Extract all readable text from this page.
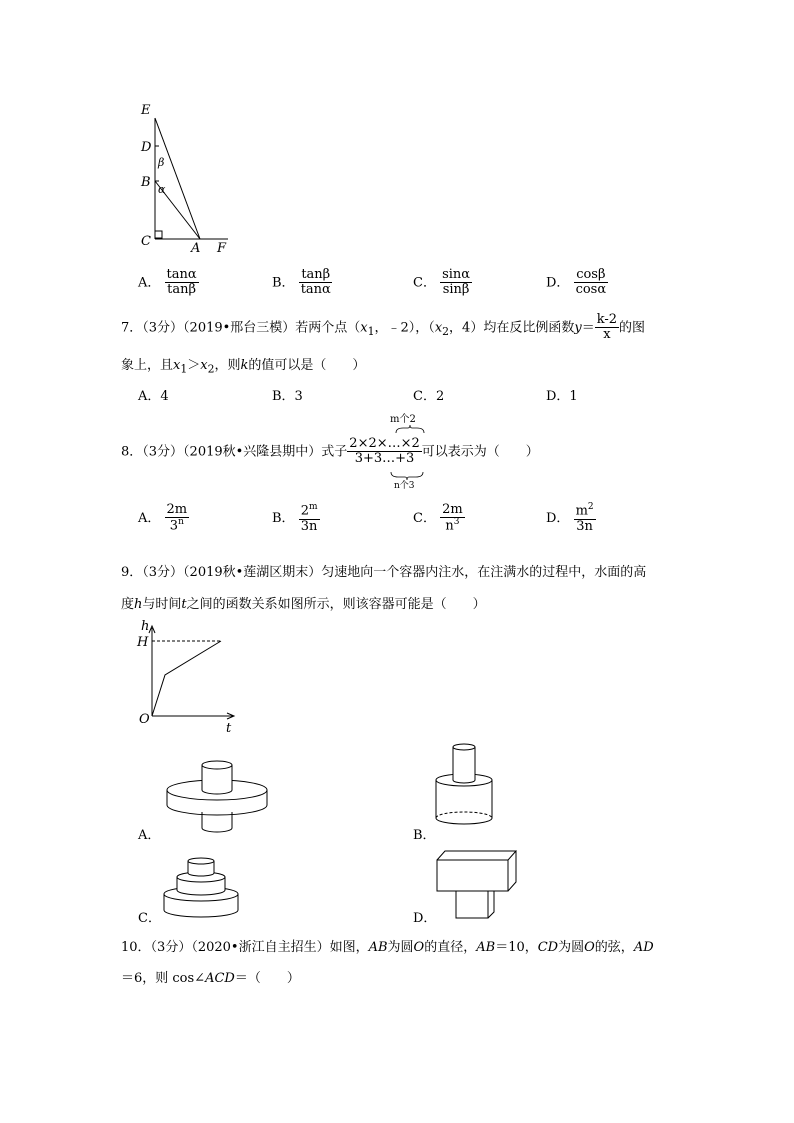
E
D
β
B α
C	A F
A． $\frac{\tan\alpha}{\tan\beta}$	B． $\frac{\tan\beta}{\tan\alpha}$	C． $\frac{\sin\alpha}{\sin\beta}$	D． $\frac{\cos\beta}{\cos\alpha}$
7．（3分）（2019•邢台三模）若两个点（$x_1$，﹣2），（$x_2$，4）均在反比例函数$y= \frac{k-2}{x}$ 的图
象上，且$x_1>x_2$，则k的值可以是（　　）
A．4	B．3	C．2	D．1
m个2
8．（3分）（2019秋•兴隆县期中）式子 $\frac{2\times 2\times\dots\times 2}{3+3\dots+3}$ 可以表示为（　　）
n个3
A． $\frac{2m}{3^n}$	B． $\frac{2^m}{3n}$	C． $\frac{2m}{n^3}$	D． $\frac{m^2}{3n}$
9．（3分）（2019秋•莲湖区期末）匀速地向一个容器内注水，在注满水的过程中，水面的高
度h与时间t之间的函数关系如图所示，则该容器可能是（　　）
h
H
O
t
A．	B．
C．	D．
10．（3分）（2020•浙江自主招生）如图，AB为圆O的直径，AB＝10，CD为圆O的弦，AD
＝6，则 cos∠ACD＝（　　）
